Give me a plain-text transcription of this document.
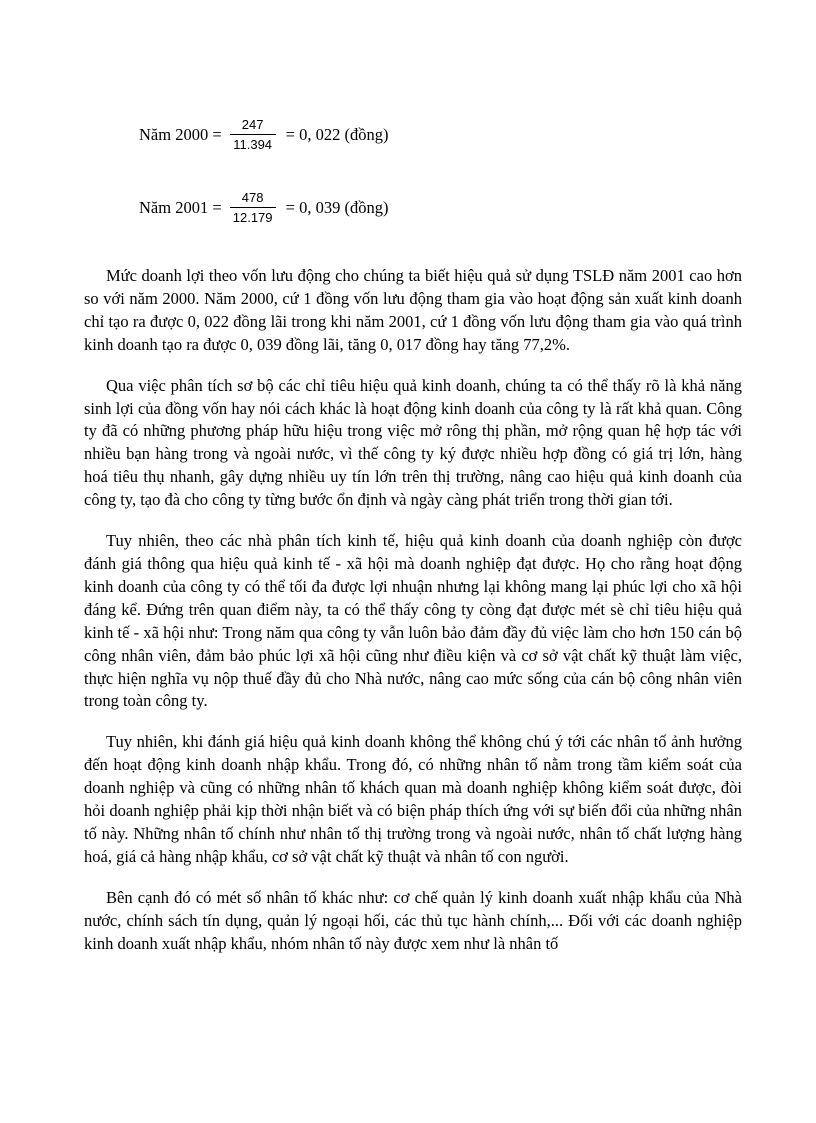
Năm $2000 = \frac{247}{11.394} = 0$, 022 (đồng)
Năm $2001 = \frac{478}{12.179} = 0$, 039 (đồng)

Mức doanh lợi theo vốn lưu động cho chúng ta biết hiệu quả sử dụng TSLĐ năm 2001 cao hơn so với năm 2000. Năm 2000, cứ 1 đồng vốn lưu động tham gia vào hoạt động sản xuất kinh doanh chỉ tạo ra được 0, 022 đồng lãi trong khi năm 2001, cứ 1 đồng vốn lưu động tham gia vào quá trình kinh doanh tạo ra được 0, 039 đồng lãi, tăng 0, 017 đồng hay tăng 77,2%.

Qua việc phân tích sơ bộ các chỉ tiêu hiệu quả kinh doanh, chúng ta có thể thấy rõ là khả năng sinh lợi của đồng vốn hay nói cách khác là hoạt động kinh doanh của công ty là rất khả quan. Công ty đã có những phương pháp hữu hiệu trong việc mở rông thị phần, mở rộng quan hệ hợp tác với nhiều bạn hàng trong và ngoài nước, vì thế công ty ký được nhiều hợp đồng có giá trị lớn, hàng hoá tiêu thụ nhanh, gây dựng nhiều uy tín lớn trên thị trường, nâng cao hiệu quả kinh doanh của công ty, tạo đà cho công ty từng bước ổn định và ngày càng phát triển trong thời gian tới.

Tuy nhiên, theo các nhà phân tích kinh tế, hiệu quả kinh doanh của doanh nghiệp còn được đánh giá thông qua hiệu quả kinh tế - xã hội mà doanh nghiệp đạt được. Họ cho rằng hoạt động kinh doanh của công ty có thể tối đa được lợi nhuận nhưng lại không mang lại phúc lợi cho xã hội đáng kể. Đứng trên quan điểm này, ta có thể thấy công ty còng đạt được mét sè chỉ tiêu hiệu quả kinh tế - xã hội như: Trong năm qua công ty vẫn luôn bảo đảm đầy đủ việc làm cho hơn 150 cán bộ công nhân viên, đảm bảo phúc lợi xã hội cũng như điều kiện và cơ sở vật chất kỹ thuật làm việc, thực hiện nghĩa vụ nộp thuế đầy đủ cho Nhà nước, nâng cao mức sống của cán bộ công nhân viên trong toàn công ty.

Tuy nhiên, khi đánh giá hiệu quả kinh doanh không thể không chú ý tới các nhân tố ảnh hưởng đến hoạt động kinh doanh nhập khẩu. Trong đó, có những nhân tố nằm trong tầm kiểm soát của doanh nghiệp và cũng có những nhân tố khách quan mà doanh nghiệp không kiểm soát được, đòi hỏi doanh nghiệp phải kịp thời nhận biết và có biện pháp thích ứng với sự biến đổi của những nhân tố này. Những nhân tố chính như nhân tố thị trường trong và ngoài nước, nhân tố chất lượng hàng hoá, giá cả hàng nhập khẩu, cơ sở vật chất kỹ thuật và nhân tố con người.

Bên cạnh đó có mét số nhân tố khác như: cơ chế quản lý kinh doanh xuất nhập khẩu của Nhà nước, chính sách tín dụng, quản lý ngoại hối, các thủ tục hành chính,... Đối với các doanh nghiệp kinh doanh xuất nhập khẩu, nhóm nhân tố này được xem như là nhân tố
